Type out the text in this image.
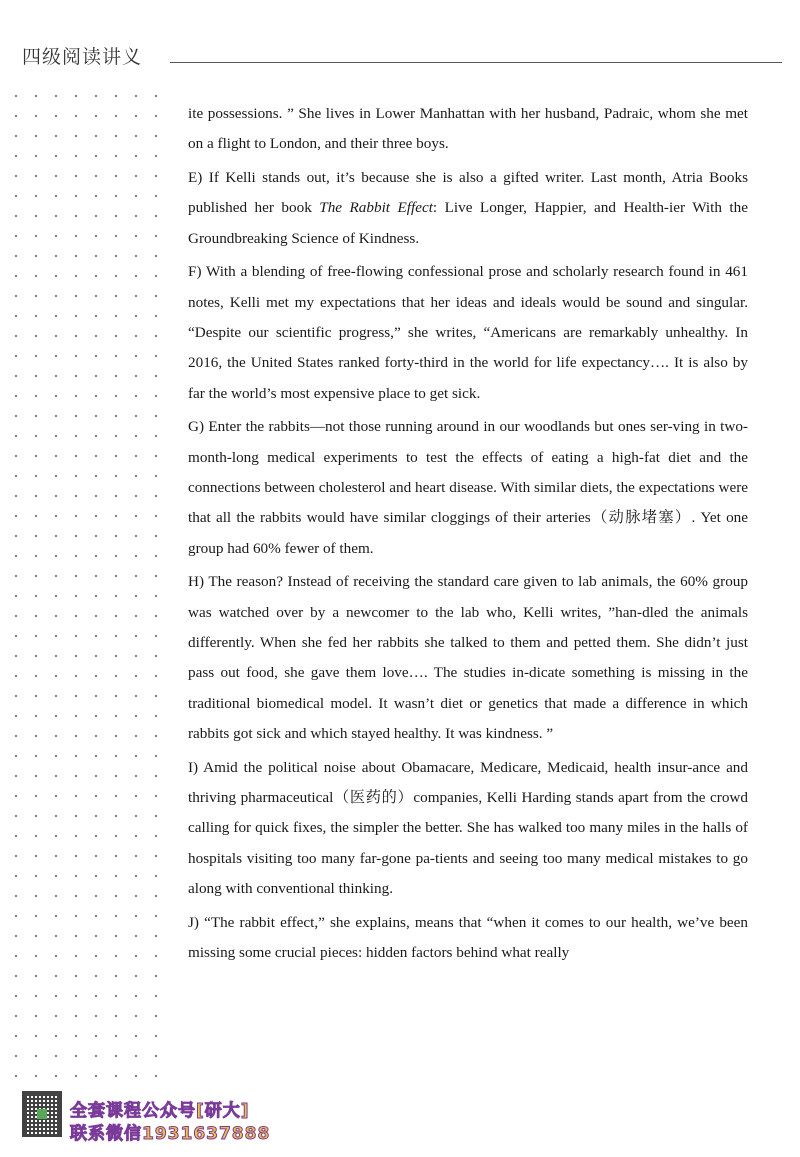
四级阅读讲义

ite possessions. ” She lives in Lower Manhattan with her husband, Padraic, whom she met on a flight to London, and their three boys.

E) If Kelli stands out, it’s because she is also a gifted writer. Last month, Atria Books published her book The Rabbit Effect: Live Longer, Happier, and Health-ier With the Groundbreaking Science of Kindness.

F) With a blending of free-flowing confessional prose and scholarly research found in 461 notes, Kelli met my expectations that her ideas and ideals would be sound and singular. “Despite our scientific progress,” she writes, “Americans are remarkably unhealthy. In 2016, the United States ranked forty-third in the world for life expectancy…. It is also by far the world’s most expensive place to get sick.

G) Enter the rabbits—not those running around in our woodlands but ones ser-ving in two-month-long medical experiments to test the effects of eating a high-fat diet and the connections between cholesterol and heart disease. With similar diets, the expectations were that all the rabbits would have similar cloggings of their arteries（动脉堵塞）. Yet one group had 60% fewer of them.

H) The reason? Instead of receiving the standard care given to lab animals, the 60% group was watched over by a newcomer to the lab who, Kelli writes, ”han-dled the animals differently. When she fed her rabbits she talked to them and petted them. She didn’t just pass out food, she gave them love…. The studies in-dicate something is missing in the traditional biomedical model. It wasn’t diet or genetics that made a difference in which rabbits got sick and which stayed healthy. It was kindness. ”

I) Amid the political noise about Obamacare, Medicare, Medicaid, health insur-ance and thriving pharmaceutical（医药的）companies, Kelli Harding stands apart from the crowd calling for quick fixes, the simpler the better. She has walked too many miles in the halls of hospitals visiting too many far-gone pa-tients and seeing too many medical mistakes to go along with conventional thinking.

J) “The rabbit effect,” she explains, means that “when it comes to our health, we’ve been missing some crucial pieces: hidden factors behind what really

全套课程公众号[研大]
联系微信1931637888
